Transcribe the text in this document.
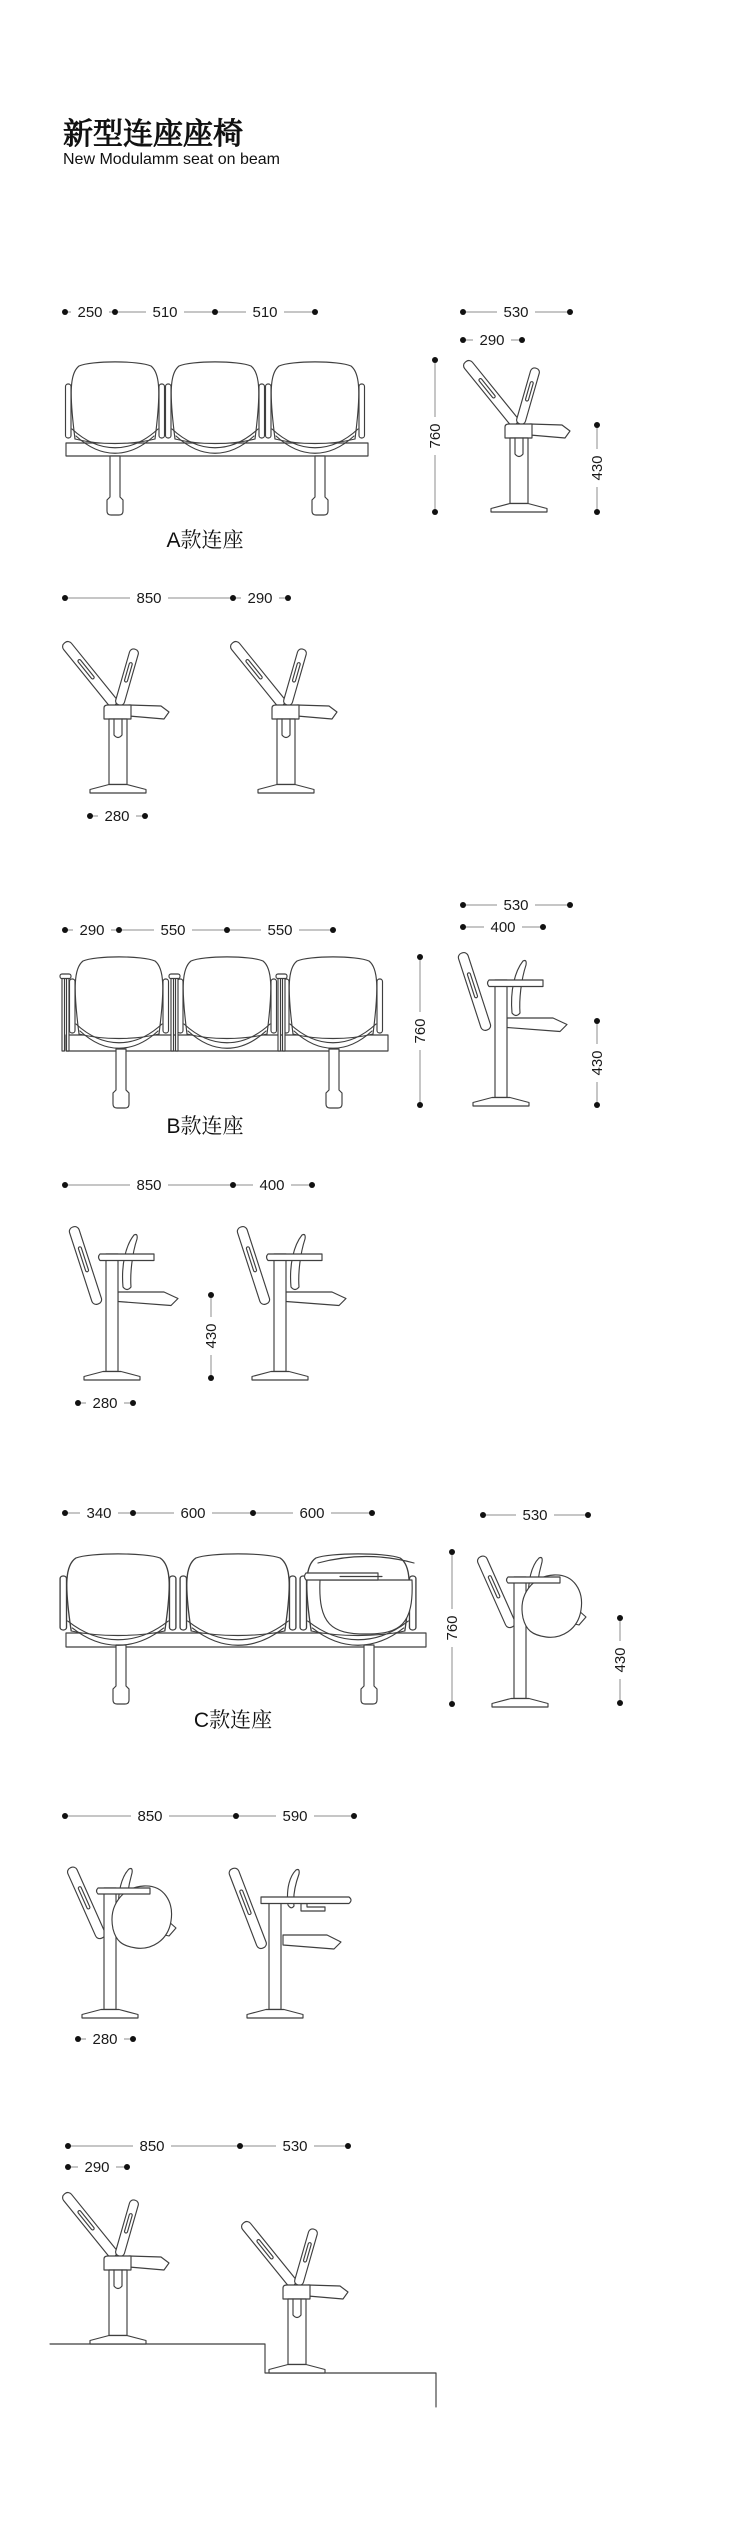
新型连座座椅
New Modulamm seat on beam
250	510	510
A款连座
530
290
760
430
850	290
280
290	550	550
760
B款连座
530
400
430
850	400
430
280
340	600	600
760
C款连座
530
430
850	590
280
850	530
290
